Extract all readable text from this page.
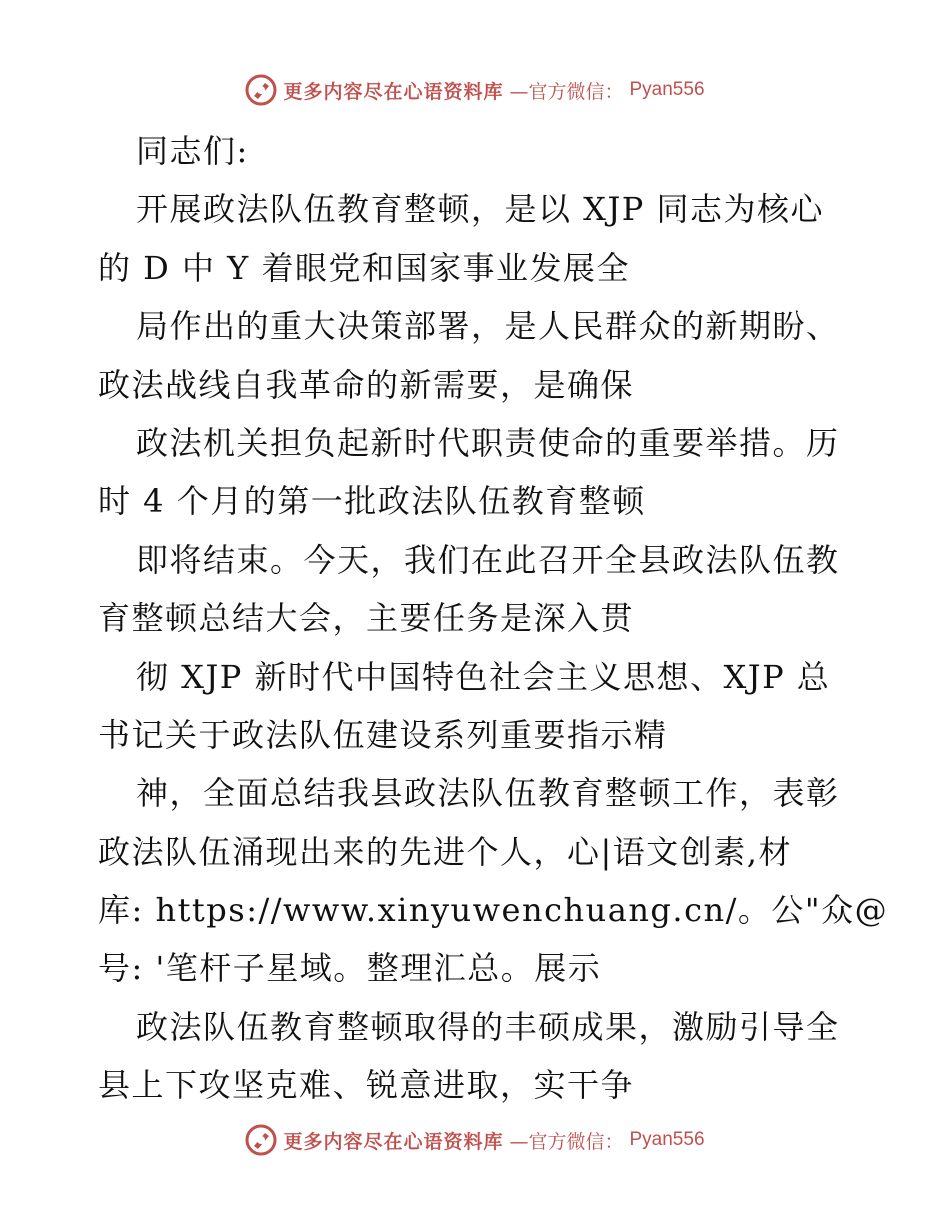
更多内容尽在心语资料库 —官方微信： Pyan556
同志们:
开展政法队伍教育整顿，是以 XJP 同志为核心
的 D 中 Y 着眼党和国家事业发展全
局作出的重大决策部署，是人民群众的新期盼、
政法战线自我革命的新需要，是确保
政法机关担负起新时代职责使命的重要举措。历
时 4 个月的第一批政法队伍教育整顿
即将结束。今天，我们在此召开全县政法队伍教
育整顿总结大会，主要任务是深入贯
彻 XJP 新时代中国特色社会主义思想、XJP 总
书记关于政法队伍建设系列重要指示精
神，全面总结我县政法队伍教育整顿工作，表彰
政法队伍涌现出来的先进个人，心|语文创素,材
库: https://www.xinyuwenchuang.cn/。公"众@
号: '笔杆子星域。整理汇总。展示
政法队伍教育整顿取得的丰硕成果，激励引导全
县上下攻坚克难、锐意进取，实干争
更多内容尽在心语资料库 —官方微信： Pyan556
